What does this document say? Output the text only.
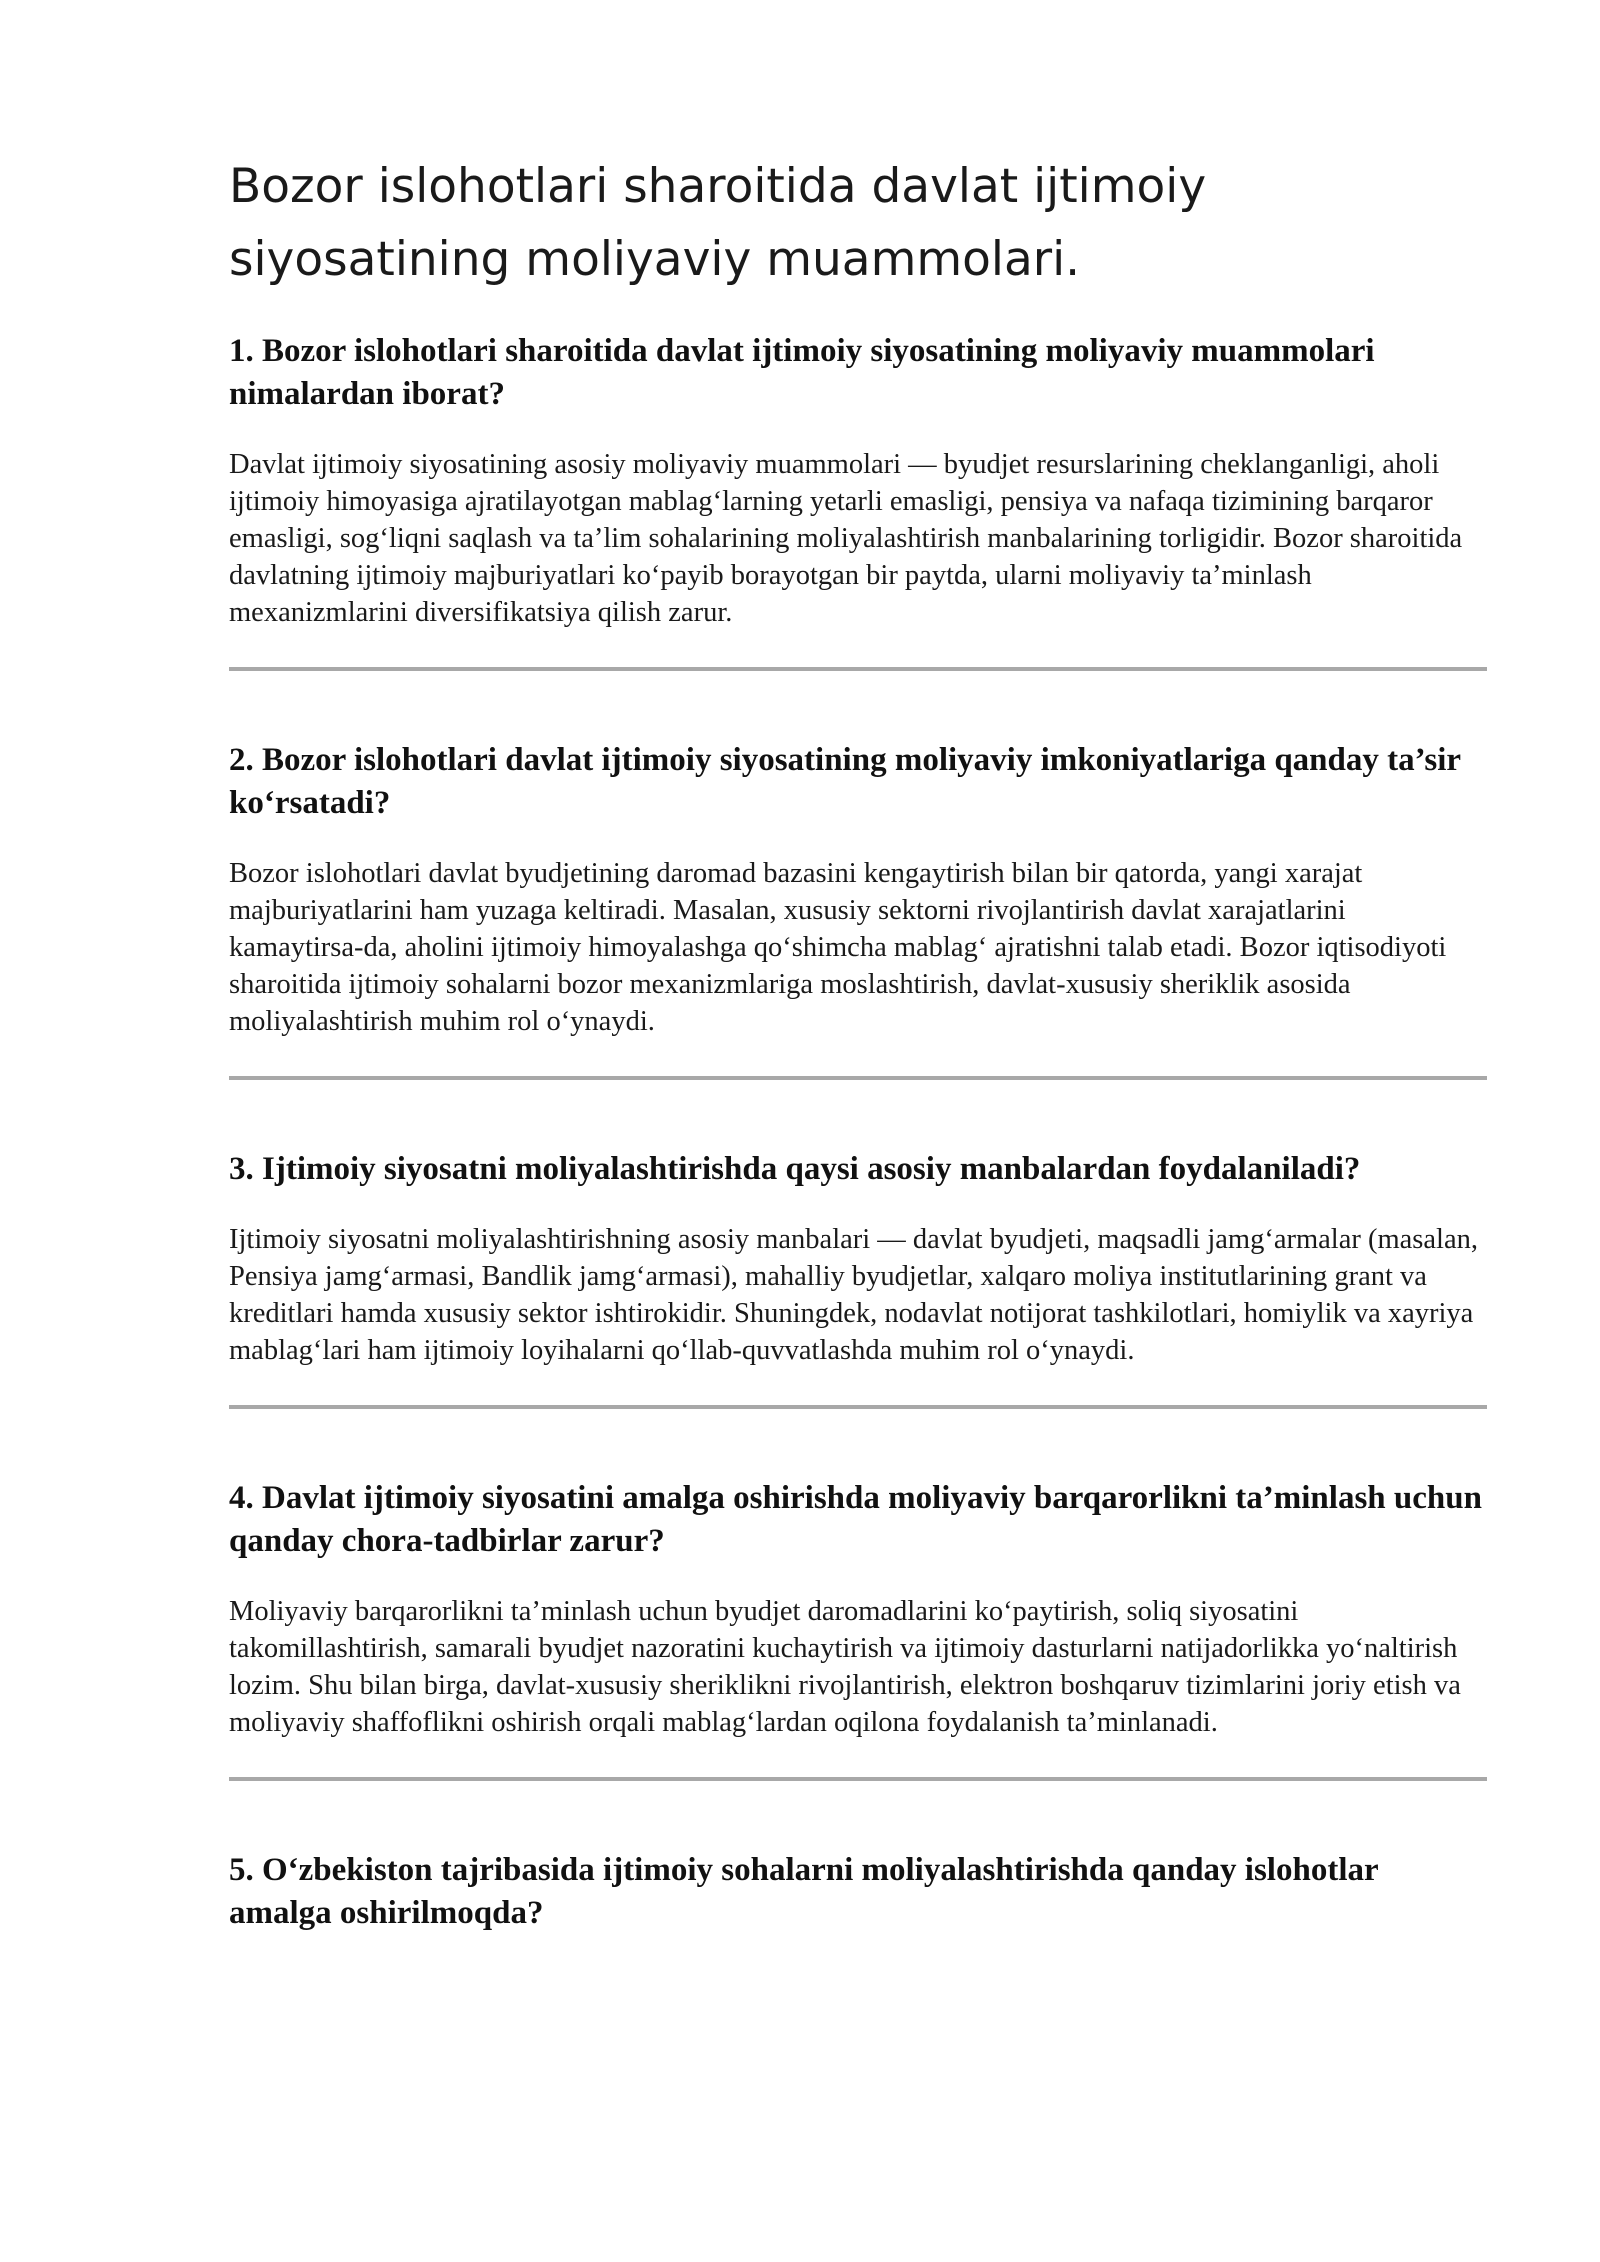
Bozor islohotlari sharoitida davlat ijtimoiy siyosatining moliyaviy muammolari.
1. Bozor islohotlari sharoitida davlat ijtimoiy siyosatining moliyaviy muammolari nimalardan iborat?

Davlat ijtimoiy siyosatining asosiy moliyaviy muammolari — byudjet resurslarining cheklanganligi, aholi ijtimoiy himoyasiga ajratilayotgan mablag‘larning yetarli emasligi, pensiya va nafaqa tizimining barqaror emasligi, sog‘liqni saqlash va ta’lim sohalarining moliyalashtirish manbalarining torligidir. Bozor sharoitida davlatning ijtimoiy majburiyatlari ko‘payib borayotgan bir paytda, ularni moliyaviy ta’minlash mexanizmlarini diversifikatsiya qilish zarur.

2. Bozor islohotlari davlat ijtimoiy siyosatining moliyaviy imkoniyatlariga qanday ta’sir ko‘rsatadi?

Bozor islohotlari davlat byudjetining daromad bazasini kengaytirish bilan bir qatorda, yangi xarajat majburiyatlarini ham yuzaga keltiradi. Masalan, xususiy sektorni rivojlantirish davlat xarajatlarini kamaytirsa-da, aholini ijtimoiy himoyalashga qo‘shimcha mablag‘ ajratishni talab etadi. Bozor iqtisodiyoti sharoitida ijtimoiy sohalarni bozor mexanizmlariga moslashtirish, davlat-xususiy sheriklik asosida moliyalashtirish muhim rol o‘ynaydi.

3. Ijtimoiy siyosatni moliyalashtirishda qaysi asosiy manbalardan foydalaniladi?

Ijtimoiy siyosatni moliyalashtirishning asosiy manbalari — davlat byudjeti, maqsadli jamg‘armalar (masalan, Pensiya jamg‘armasi, Bandlik jamg‘armasi), mahalliy byudjetlar, xalqaro moliya institutlarining grant va kreditlari hamda xususiy sektor ishtirokidir. Shuningdek, nodavlat notijorat tashkilotlari, homiylik va xayriya mablag‘lari ham ijtimoiy loyihalarni qo‘llab-quvvatlashda muhim rol o‘ynaydi.

4. Davlat ijtimoiy siyosatini amalga oshirishda moliyaviy barqarorlikni ta’minlash uchun qanday chora-tadbirlar zarur?

Moliyaviy barqarorlikni ta’minlash uchun byudjet daromadlarini ko‘paytirish, soliq siyosatini takomillashtirish, samarali byudjet nazoratini kuchaytirish va ijtimoiy dasturlarni natijadorlikka yo‘naltirish lozim. Shu bilan birga, davlat-xususiy sheriklikni rivojlantirish, elektron boshqaruv tizimlarini joriy etish va moliyaviy shaffoflikni oshirish orqali mablag‘lardan oqilona foydalanish ta’minlanadi.

5. O‘zbekiston tajribasida ijtimoiy sohalarni moliyalashtirishda qanday islohotlar amalga oshirilmoqda?
